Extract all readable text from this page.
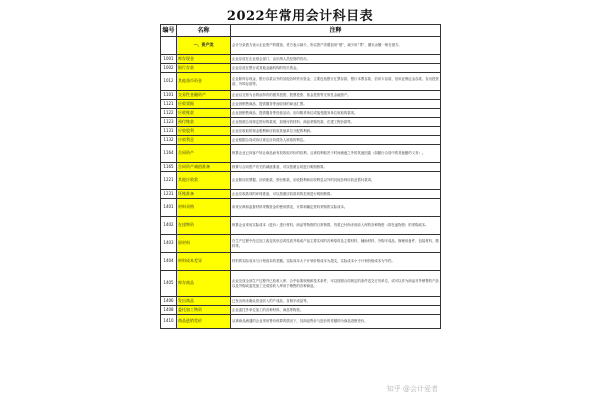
2022年常用会计科目表
编号	名称	注释
	一、资产类	会计分录借方表示企业资产的增加、货方表示减少，所以资产类增加用“借”，减少用“贷”，期末余额一般在借方。
1001	库存现金	企业存放在企业财会部门、由出纳人员经管的货币。
1002	银行存款	企业存放在银行或其他金融机构的货币资金。
1012	其他货币资金	企业除库存现金、银行存款以外的其他各种货币资金，主要包括银行汇票存款、银行本票存款、信用卡存款、信用证保证金存款、存出投资款、外埠存款等。
1101	交易性金融资产	企业以交易为目的而持有的债券投资、股票投资、基金投资等交易性金融资产。
1121	应收票据	企业因销售商品、提供服务等而收到的商业汇票。
1122	应收账款	企业因销售商品、提供服务等经营活动，应向购货单位或接受服务单位收取的款项。
1123	预付账款	企业按照合同规定预付的款项，如预付的材料、商品采购货款、在建工程价款等。
1131	应收股利	企业应收取的现金股利和应收取其他单位分配的利润。
1132	应收利息	企业根据合同或协议规定应向债务人收取的利息。
1164	合同资产	核算企业已向客户转让商品而有权收取对价的权利，且该权利取决于时间流逝之外的其他因素（如履行合同中的其他履约义务）。
1165	合同资产减值准备	核算与合同资产有关的减值准备，可以按照合同进行明细核算。
1221	其他应收款	企业除应收票据、应收账款、预付账款、应收股利和应收利息以外的其他各种应收及暂付款项。
1231	坏账准备	企业应收款项的坏账准备，可以按照应收款项的类别进行明细核算。
1401	材料采购	用来反映和监督材料采购资金的使用情况，计算和确定材料采购的实际成本。
1402	在途物资	核算企业采用实际成本（进价）进行材料、商品等物资的日常核算，货款已付尚未验收入库的各种物资（即在途物资）的采购成本。
1403	原材料	在生产过程中经过加工改变其形态或性质并构成产品主要实体的各种原料及主要材料、辅助材料、外购半成品、修理用备件、包装材料、燃料等。
1404	材料成本差异	材料的实际成本与计划成本的差额。实际成本大于计划价格成本为超支，实际成本小于计划价格成本为节约。
1405	库存商品	企业完成全部生产过程并已验收入库、合乎标准规格和技术条件，可以按照合同规定的条件送交订货单位，或可以作为商品对外销售的产品以及外购或委托加工完成验收入库用于销售的各种商品。
1406	发出商品	已发出尚未确认营业收入的产成品、自制半成品等。
1408	委托加工物资	企业委托外单位加工的各种材料、商品等物资。
1410	商品进销差价	从事商品流通的企业采用售价核算的情况下，其商品售价与进价的差额即为商品进销差价。
知乎 @会计爱者
